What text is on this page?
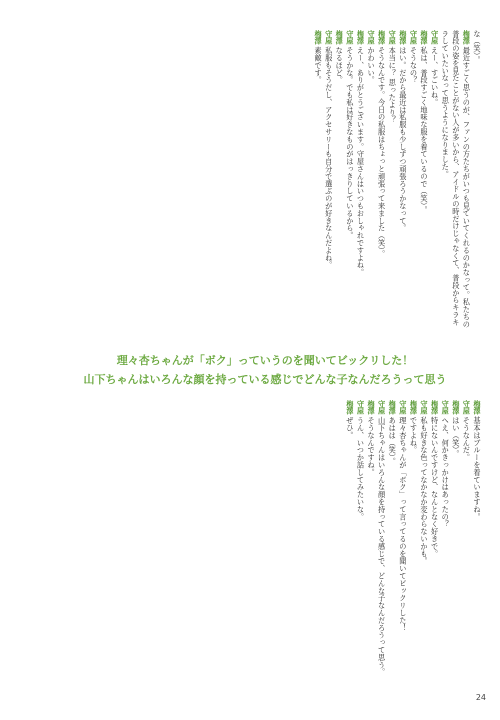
な（笑）。
梅澤最近すごく思うのが、ファンの方たちがいつも見ていてくれるのかなって。私たちの普段の姿を見たことがない人が多いから、アイドルの時だけじゃなくて、普段からキラキラしていたいなって思うようになりました。
守屋えー、すごいね。
梅澤私は、普段すごく地味な服を着ているので（笑）。
守屋そうなの？
梅澤はい。だから最近は私服も少しずつ頑張ろうかなって。
守屋本当に？ 思ったより？
梅澤そうなんです。今日の私服はちょっと頑張って来ました（笑）。
守屋かわいい。
梅澤えー、ありがとうございます。守屋さんはいつもおしゃれですよね。
守屋そうかな。でも私は好きなものがはっきりしているから。
梅澤なるほど。
守屋私服もそうだし、アクセサリーも自分で選ぶのが好きなんだよね。
梅澤素敵です。
理々杏ちゃんが「ボク」っていうのを聞いてビックリした！
山下ちゃんはいろんな顔を持っている感じでどんな子なんだろうって思う
梅澤基本はブルーを着ていますね。
守屋そうなんだ。
梅澤はい（笑）。
守屋へえ、何かきっかけはあったの？
梅澤特にないんですけど、なんとなく好きで。
守屋私も好きな色ってなかなか変わらないかも。
梅澤ですよね。
守屋理々杏ちゃんが「ボク」って言ってるのを聞いてビックリした！
梅澤あはは（笑）。
守屋山下ちゃんはいろんな顔を持っている感じで、どんな子なんだろうって思う。
梅澤そうなんですね。
守屋うん、いつか話してみたいな。
梅澤ぜひ。
24
